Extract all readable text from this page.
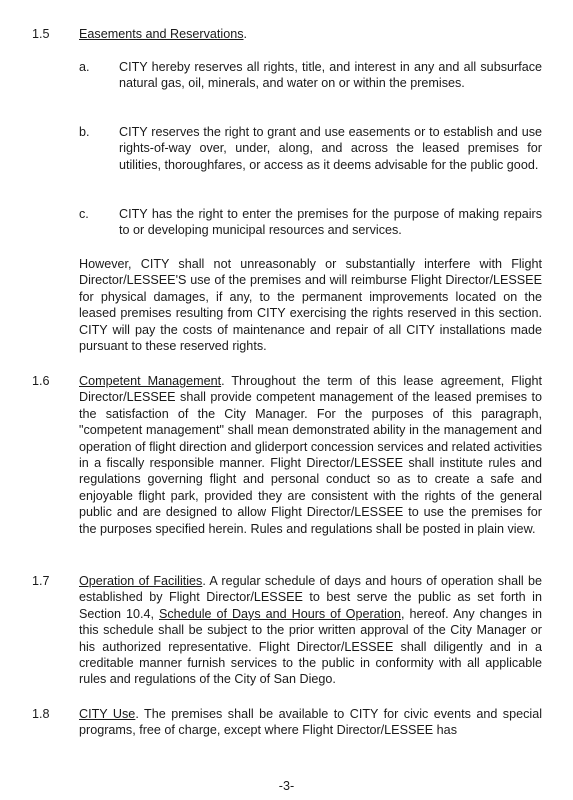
1.5 Easements and Reservations.
a. CITY hereby reserves all rights, title, and interest in any and all subsurface natural gas, oil, minerals, and water on or within the premises.
b. CITY reserves the right to grant and use easements or to establish and use rights-of-way over, under, along, and across the leased premises for utilities, thoroughfares, or access as it deems advisable for the public good.
c. CITY has the right to enter the premises for the purpose of making repairs to or developing municipal resources and services.
However, CITY shall not unreasonably or substantially interfere with Flight Director/LESSEE'S use of the premises and will reimburse Flight Director/LESSEE for physical damages, if any, to the permanent improvements located on the leased premises resulting from CITY exercising the rights reserved in this section. CITY will pay the costs of maintenance and repair of all CITY installations made pursuant to these reserved rights.
1.6 Competent Management. Throughout the term of this lease agreement, Flight Director/LESSEE shall provide competent management of the leased premises to the satisfaction of the City Manager. For the purposes of this paragraph, "competent management" shall mean demonstrated ability in the management and operation of flight direction and gliderport concession services and related activities in a fiscally responsible manner. Flight Director/LESSEE shall institute rules and regulations governing flight and personal conduct so as to create a safe and enjoyable flight park, provided they are consistent with the rights of the general public and are designed to allow Flight Director/LESSEE to use the premises for the purposes specified herein. Rules and regulations shall be posted in plain view.
1.7 Operation of Facilities. A regular schedule of days and hours of operation shall be established by Flight Director/LESSEE to best serve the public as set forth in Section 10.4, Schedule of Days and Hours of Operation, hereof. Any changes in this schedule shall be subject to the prior written approval of the City Manager or his authorized representative. Flight Director/LESSEE shall diligently and in a creditable manner furnish services to the public in conformity with all applicable rules and regulations of the City of San Diego.
1.8 CITY Use. The premises shall be available to CITY for civic events and special programs, free of charge, except where Flight Director/LESSEE has
-3-
